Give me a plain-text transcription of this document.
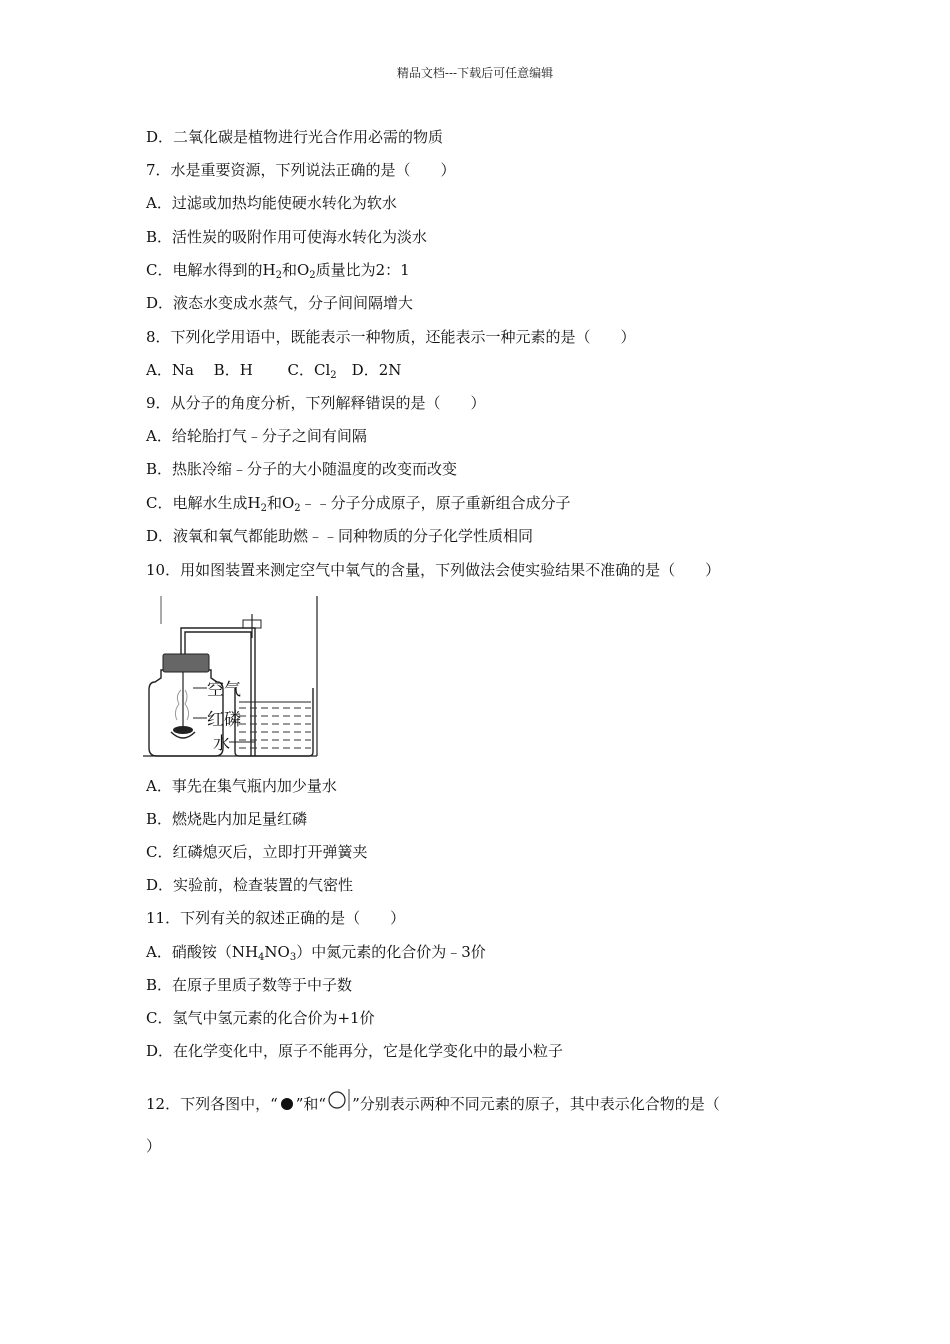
精品文档---下载后可任意编辑
D．二氧化碳是植物进行光合作用必需的物质
7．水是重要资源，下列说法正确的是（　　）
A．过滤或加热均能使硬水转化为软水
B．活性炭的吸附作用可使海水转化为淡水
C．电解水得到的$H_2$和$O_2$质量比为2：1
D．液态水变成水蒸气，分子间间隔增大
8．下列化学用语中，既能表示一种物质，还能表示一种元素的是（　　）
A．Na　 B．H　 　C．$Cl_2$　D．2N
9．从分子的角度分析，下列解释错误的是（　　）
A．给轮胎打气﹣分子之间有间隔
B．热胀冷缩﹣分子的大小随温度的改变而改变
C．电解水生成$H_2$和$O_2﹣﹣$分子分成原子，原子重新组合成分子
D．液氧和氧气都能助燃﹣﹣同种物质的分子化学性质相同
10．用如图装置来测定空气中氧气的含量，下列做法会使实验结果不准确的是（　　）
空气
红磷
水
A．事先在集气瓶内加少量水
B．燃烧匙内加足量红磷
C．红磷熄灭后，立即打开弹簧夹
D．实验前，检查装置的气密性
11．下列有关的叙述正确的是（　　）
A．硝酸铵$(NH_4NO_3)$中氮元素的化合价为﹣3价
B．在原子里质子数等于中子数
C．氢气中氢元素的化合价为+1价
D．在化学变化中，原子不能再分，它是化学变化中的最小粒子
12．下列各图中，“ ”和“ ”分别表示两种不同元素的原子，其中表示化合物的是（
）
